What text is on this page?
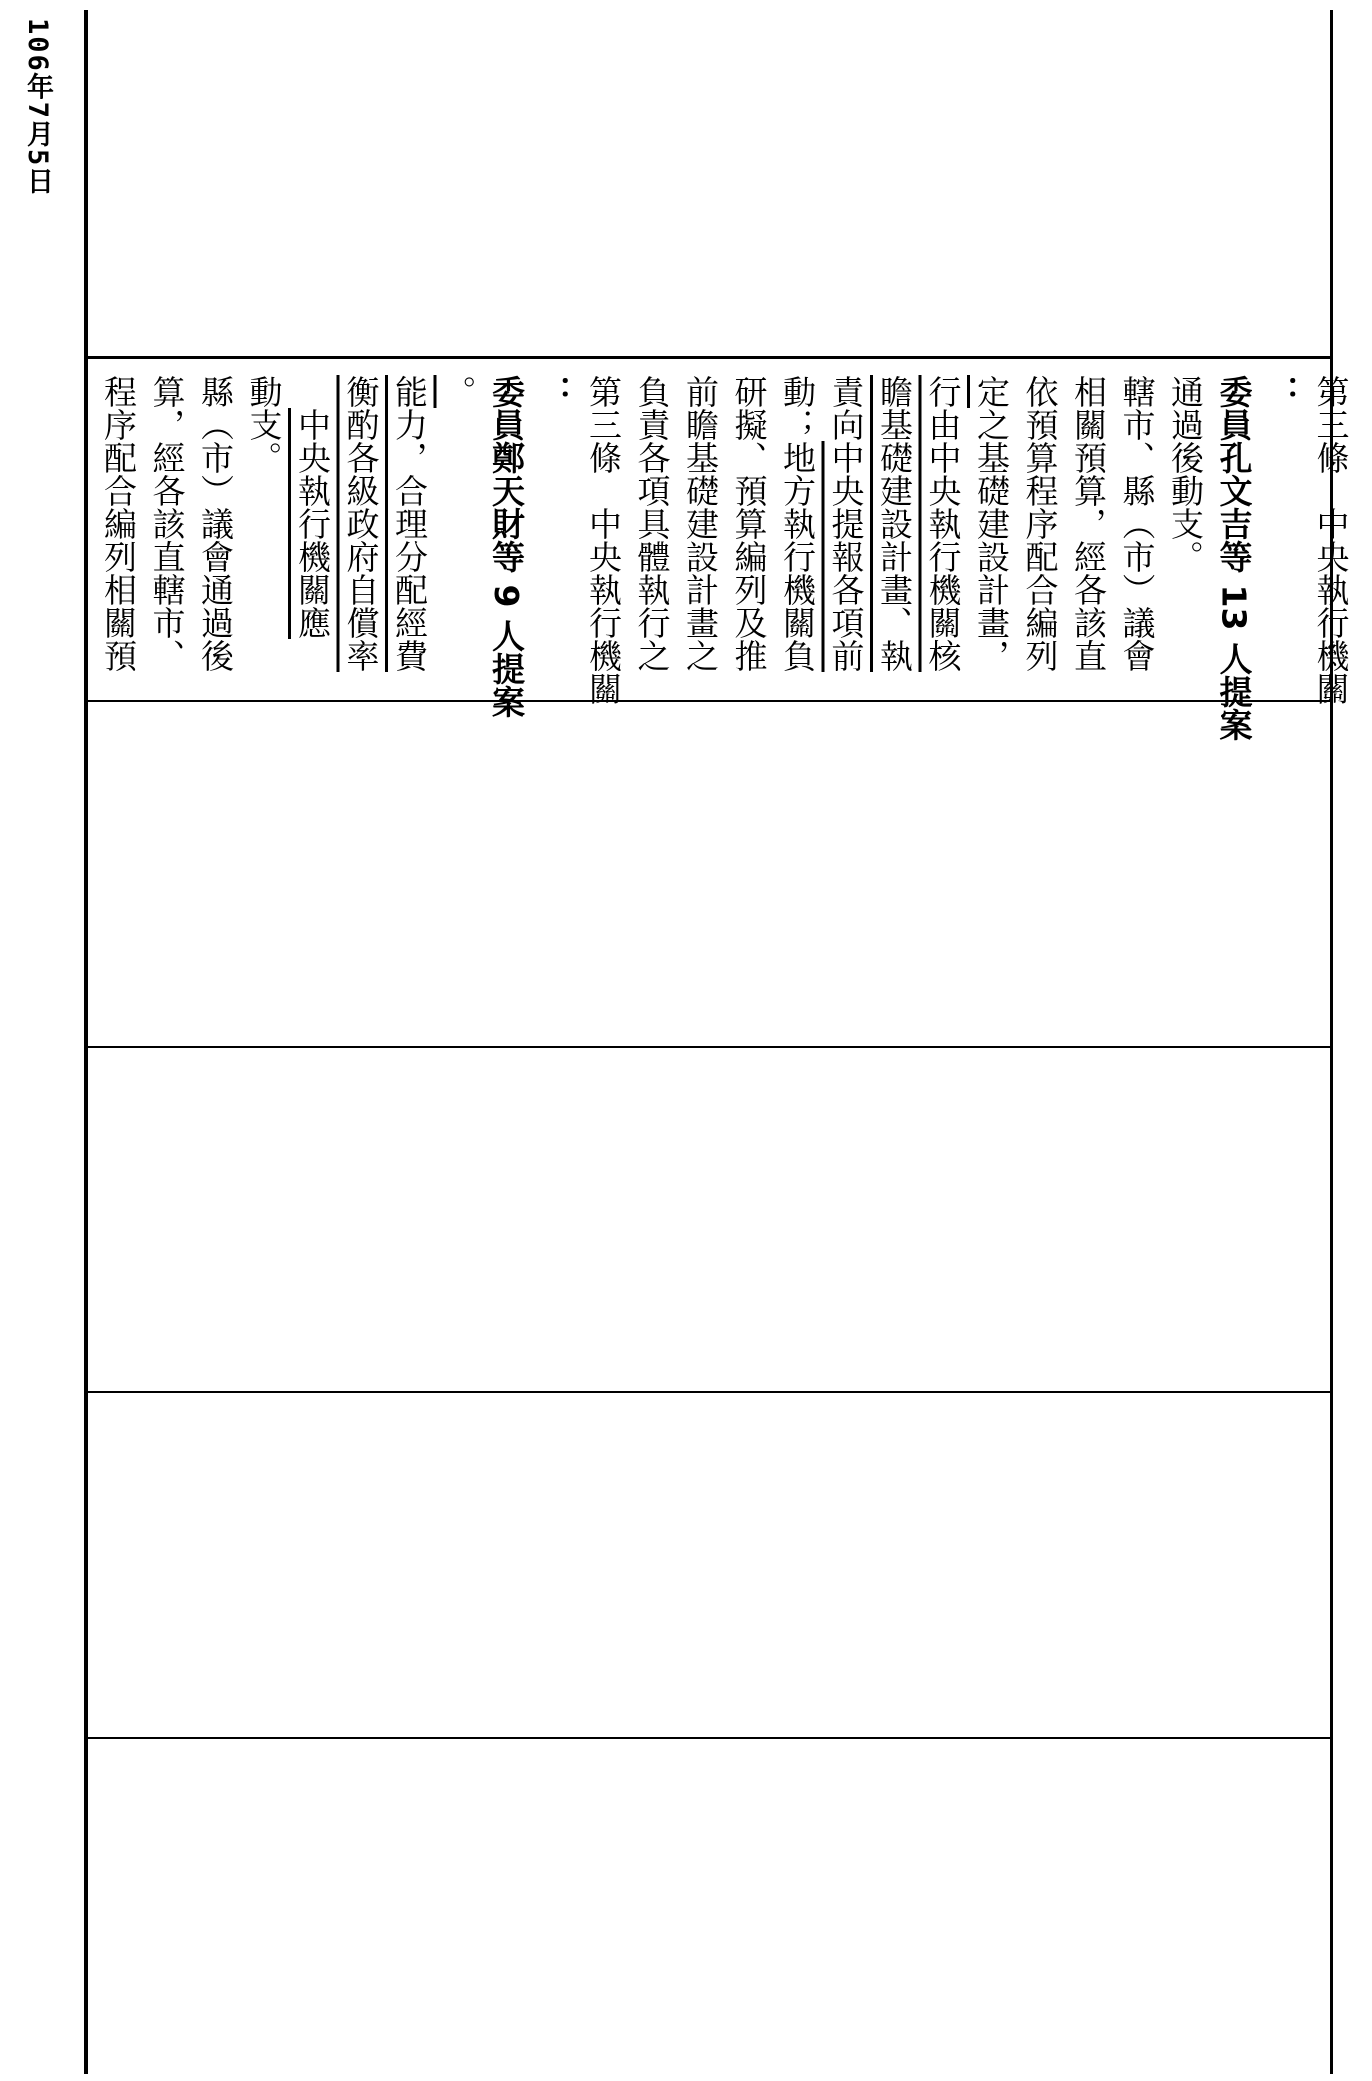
106年7月5日
程序配合編列相關預 算，經各該直轄市、 縣（市）議會通過後 動支。
　 中央執行機關應 衡酌各級政府自償率 能力，合理分配經費 。 委員鄭天財等 9 人提案 ： 第三條　中央執行機關 負責各項具體執行之 前瞻基礎建設計畫之 研擬、預算編列及推 動；地方執行機關負 責向中央提報各項前 瞻基礎建設計畫、執 行由中央執行機關核 定之基礎建設計畫， 依預算程序配合編列 相關預算，經各該直 轄市、縣（市）議會 通過後動支。 委員孔文吉等 13 人提案 ： 第三條　中央執行機關
